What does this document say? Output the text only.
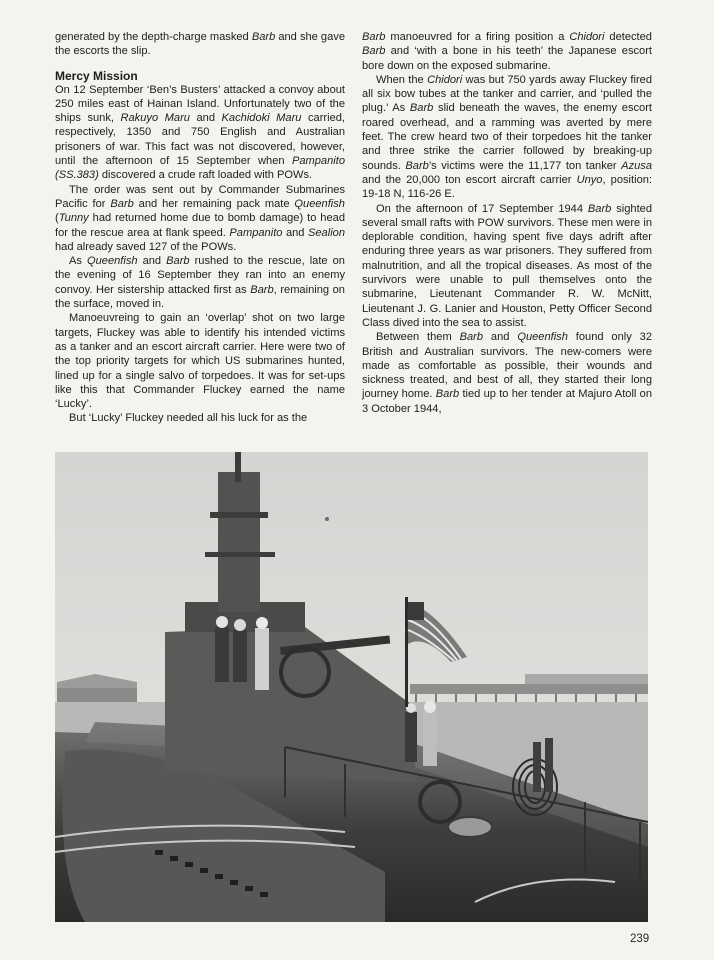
generated by the depth-charge masked Barb and she gave the escorts the slip.

Mercy Mission

On 12 September ‘Ben’s Busters’ attacked a convoy about 250 miles east of Hainan Island. Unfortunately two of the ships sunk, Rakuyo Maru and Kachidoki Maru carried, respectively, 1350 and 750 English and Australian prisoners of war. This fact was not discovered, however, until the afternoon of 15 September when Pampanito (SS.383) discovered a crude raft loaded with POWs.

The order was sent out by Commander Submarines Pacific for Barb and her remaining pack mate Queenfish (Tunny had returned home due to bomb damage) to head for the rescue area at flank speed. Pampanito and Sealion had already saved 127 of the POWs.

As Queenfish and Barb rushed to the rescue, late on the evening of 16 September they ran into an enemy convoy. Her sistership attacked first as Barb, remaining on the surface, moved in.

Manoeuvreing to gain an ‘overlap’ shot on two large targets, Fluckey was able to identify his intended victims as a tanker and an escort aircraft carrier. Here were two of the top priority targets for which US submarines hunted, lined up for a single salvo of torpedoes. It was for set-ups like this that Commander Fluckey earned the name ‘Lucky’.

But ‘Lucky’ Fluckey needed all his luck for as the

Barb manoeuvred for a firing position a Chidori detected Barb and ‘with a bone in his teeth’ the Japanese escort bore down on the exposed submarine.

When the Chidori was but 750 yards away Fluckey fired all six bow tubes at the tanker and carrier, and ‘pulled the plug.’ As Barb slid beneath the waves, the enemy escort roared overhead, and a ramming was averted by mere feet. The crew heard two of their torpedoes hit the tanker and three strike the carrier followed by breaking-up sounds. Barb’s victims were the 11,177 ton tanker Azusa and the 20,000 ton escort aircraft carrier Unyo, position: 19-18 N, 116-26 E.

On the afternoon of 17 September 1944 Barb sighted several small rafts with POW survivors. These men were in deplorable condition, having spent five days adrift after enduring three years as war prisoners. They suffered from malnutrition, and all the tropical diseases. As most of the survivors were unable to pull themselves onto the submarine, Lieutenant Commander R. W. McNitt, Lieutenant J. G. Lanier and Houston, Petty Officer Second Class dived into the sea to assist.

Between them Barb and Queenfish found only 32 British and Australian survivors. The new-comers were made as comfortable as possible, their wounds and sickness treated, and best of all, they started their long journey home. Barb tied up to her tender at Majuro Atoll on 3 October 1944,

239
